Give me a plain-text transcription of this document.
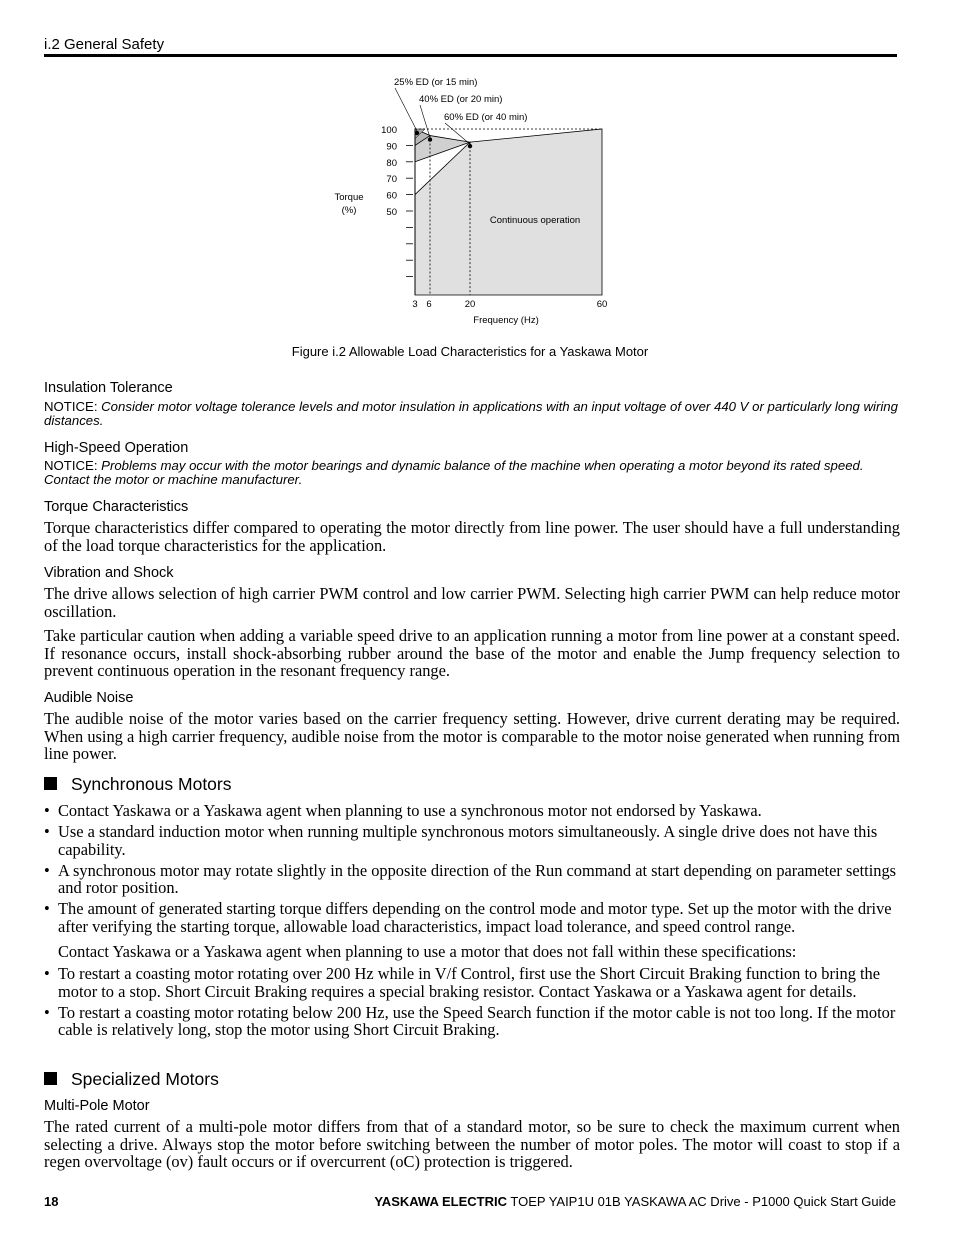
i.2 General Safety
100
90
80
70
60
50
3 6	20	60
Frequency (Hz)
Torque
(%)
25% ED (or 15 min)
40% ED (or 20 min)
60% ED (or 40 min)
Continuous operation
Figure i.2 Allowable Load Characteristics for a Yaskawa Motor
Insulation Tolerance
NOTICE: Consider motor voltage tolerance levels and motor insulation in applications with an input voltage of over 440 V or particularly long wiring distances.
High-Speed Operation
NOTICE: Problems may occur with the motor bearings and dynamic balance of the machine when operating a motor beyond its rated speed. Contact the motor or machine manufacturer.
Torque Characteristics
Torque characteristics differ compared to operating the motor directly from line power. The user should have a full understanding of the load torque characteristics for the application.
Vibration and Shock
The drive allows selection of high carrier PWM control and low carrier PWM. Selecting high carrier PWM can help reduce motor oscillation.
Take particular caution when adding a variable speed drive to an application running a motor from line power at a constant speed. If resonance occurs, install shock-absorbing rubber around the base of the motor and enable the Jump frequency selection to prevent continuous operation in the resonant frequency range.
Audible Noise
The audible noise of the motor varies based on the carrier frequency setting. However, drive current derating may be required. When using a high carrier frequency, audible noise from the motor is comparable to the motor noise generated when running from line power.
Synchronous Motors
• Contact Yaskawa or a Yaskawa agent when planning to use a synchronous motor not endorsed by Yaskawa.
• Use a standard induction motor when running multiple synchronous motors simultaneously. A single drive does not have this capability.
• A synchronous motor may rotate slightly in the opposite direction of the Run command at start depending on parameter settings and rotor position.
• The amount of generated starting torque differs depending on the control mode and motor type. Set up the motor with the drive after verifying the starting torque, allowable load characteristics, impact load tolerance, and speed control range.
Contact Yaskawa or a Yaskawa agent when planning to use a motor that does not fall within these specifications:
• To restart a coasting motor rotating over 200 Hz while in V/f Control, first use the Short Circuit Braking function to bring the motor to a stop. Short Circuit Braking requires a special braking resistor. Contact Yaskawa or a Yaskawa agent for details.
• To restart a coasting motor rotating below 200 Hz, use the Speed Search function if the motor cable is not too long. If the motor cable is relatively long, stop the motor using Short Circuit Braking.
Specialized Motors
Multi-Pole Motor
The rated current of a multi-pole motor differs from that of a standard motor, so be sure to check the maximum current when selecting a drive. Always stop the motor before switching between the number of motor poles. The motor will coast to stop if a regen overvoltage (ov) fault occurs or if overcurrent (oC) protection is triggered.
18	YASKAWA ELECTRIC TOEP YAIP1U 01B YASKAWA AC Drive - P1000 Quick Start Guide
